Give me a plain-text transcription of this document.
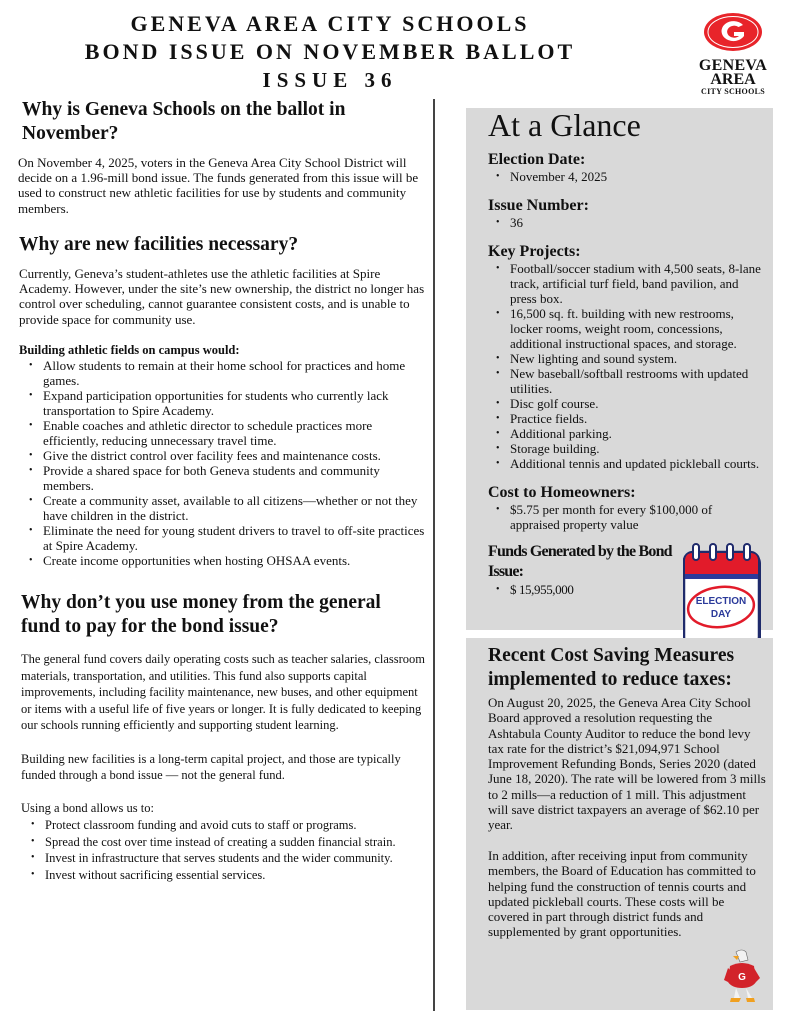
GENEVA AREA CITY SCHOOLS
BOND ISSUE ON NOVEMBER BALLOT
ISSUE 36
GENEVA
AREA
CITY SCHOOLS
Why is Geneva Schools on the ballot in November?

On November 4, 2025, voters in the Geneva Area City School District will decide on a 1.96-mill bond issue. The funds generated from this issue will be used to construct new athletic facilities for use by students and community members.

Why are new facilities necessary?

Currently, Geneva’s student-athletes use the athletic facilities at Spire Academy. However, under the site’s new ownership, the district no longer has control over scheduling, cannot guarantee consistent costs, and is unable to provide space for community use.

Building athletic fields on campus would:
• Allow students to remain at their home school for practices and home games.
• Expand participation opportunities for students who currently lack transportation to Spire Academy.
• Enable coaches and athletic director to schedule practices more efficiently, reducing unnecessary travel time.
• Give the district control over facility fees and maintenance costs.
• Provide a shared space for both Geneva students and community members.
• Create a community asset, available to all citizens—whether or not they have children in the district.
• Eliminate the need for young student drivers to travel to off-site practices at Spire Academy.
• Create income opportunities when hosting OHSAA events.
Why don’t you use money from the general fund to pay for the bond issue?

The general fund covers daily operating costs such as teacher salaries, classroom materials, transportation, and utilities. This fund also supports capital improvements, including facility maintenance, new buses, and other equipment or items with a useful life of five years or longer. It is fully dedicated to keeping our schools running efficiently and supporting student learning.

Building new facilities is a long-term capital project, and those are typically funded through a bond issue — not the general fund.

Using a bond allows us to:

• Protect classroom funding and avoid cuts to staff or programs.
• Spread the cost over time instead of creating a sudden financial strain.
• Invest in infrastructure that serves students and the wider community.
• Invest without sacrificing essential services.
At a Glance
Election Date:
• November 4, 2025
Issue Number:
• 36
Key Projects:
• Football/soccer stadium with 4,500 seats, 8-lane track, artificial turf field, band pavilion, and press box.
• 16,500 sq. ft. building with new restrooms, locker rooms, weight room, concessions, additional instructional spaces, and storage.
• New lighting and sound system.
• New baseball/softball restrooms with updated utilities.
• Disc golf course.
• Practice fields.
• Additional parking.
• Storage building.
• Additional tennis and updated pickleball courts.
Cost to Homeowners:
• $5.75 per month for every $100,000 of appraised property value
Funds Generated by the Bond Issue:
• $ 15,955,000
ELECTION
DAY
Recent Cost Saving Measures implemented to reduce taxes:

On August 20, 2025, the Geneva Area City School Board approved a resolution requesting the Ashtabula County Auditor to reduce the bond levy tax rate for the district’s $21,094,971 School Improvement Refunding Bonds, Series 2020 (dated June 18, 2020). The rate will be lowered from 3 mills to 2 mills—a reduction of 1 mill. This adjustment will save district taxpayers an average of $62.10 per year.

In addition, after receiving input from community members, the Board of Education has committed to helping fund the construction of tennis courts and updated pickleball courts. These costs will be covered in part through district funds and supplemented by grant opportunities.

G
